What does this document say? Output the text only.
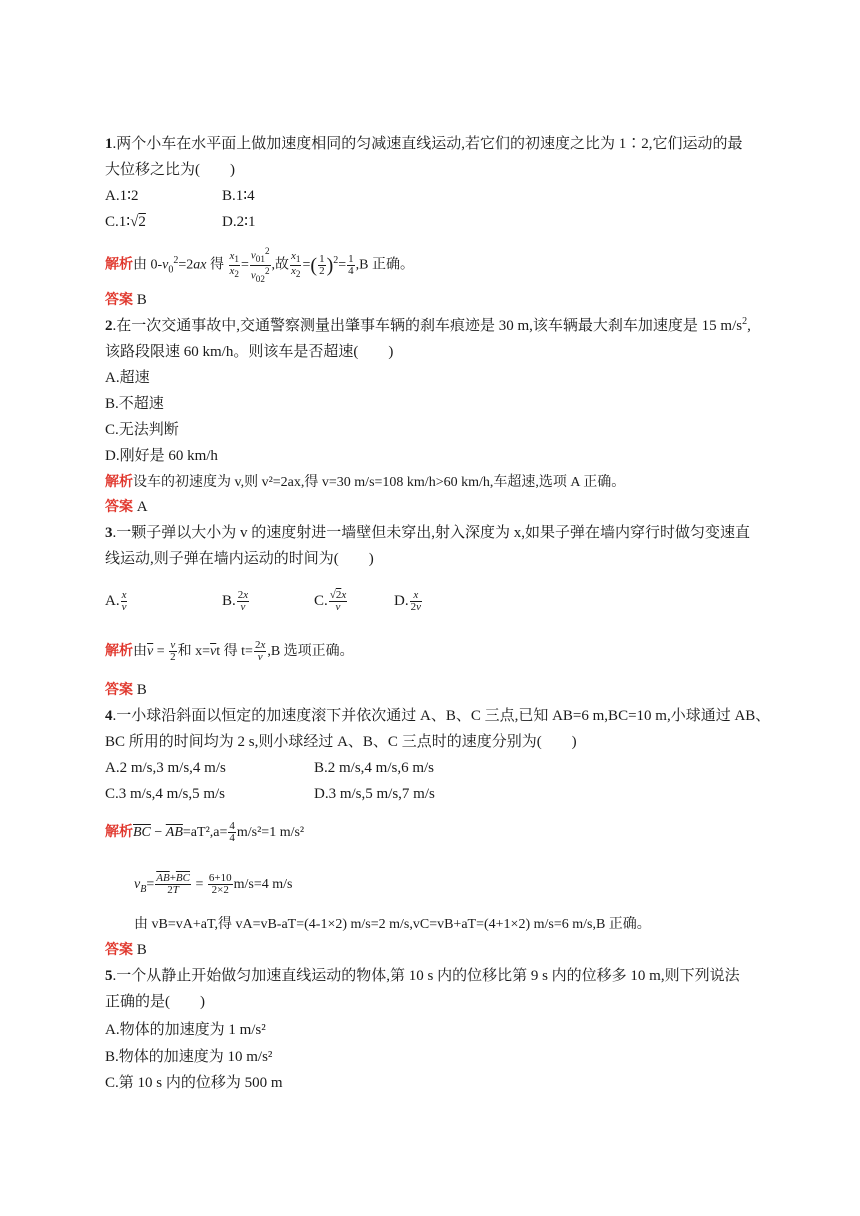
1.两个小车在水平面上做加速度相同的匀减速直线运动,若它们的初速度之比为 1∶2,它们运动的最
大位移之比为(　　)
A.1∶2	B.1∶4
C.1∶√2	D.2∶1
解析由 $0-v_0^2=2ax$ 得 $\frac{x_1}{x_2} = \frac{v_{01}^2}{v_{02}^2}$ ,故 $\frac{x_1}{x_2}$ =( $\frac{1}{2} )^2= \frac{1}{4} ,B$ 正确。
答案 B
2.在一次交通事故中,交通警察测量出肇事车辆的刹车痕迹是 30 m,该车辆最大刹车加速度是 15 $m/s^2$,
该路段限速 60 km/h。则该车是否超速(　　)
A.超速
B.不超速
C.无法判断
D.刚好是 60 km/h
解析设车的初速度为 v,则 v²=2ax,得 v=30 m/s=108 km/h>60 km/h,车超速,选项 A 正确。
答案 A
3.一颗子弹以大小为 v 的速度射进一墙壁但未穿出,射入深度为 x,如果子弹在墙内穿行时做匀变速直
线运动,则子弹在墙内运动的时间为(　　)
A. $\frac{x}{v}$	B. $\frac{2x}{v}$	C. $\frac{√2x}{v}$	D. $\frac{x}{2v}$
解析由$\overline{v} = \frac{v}{2}$ 和 $x=\overline{v}t$ 得 $t= \frac{2x}{v} ,B$ 选项正确。
答案 B
4.一小球沿斜面以恒定的加速度滚下并依次通过 A、B、C 三点,已知 AB=6 m,BC=10 m,小球通过 AB、
BC 所用的时间均为 2 s,则小球经过 A、B、C 三点时的速度分别为(　　)
A.2 m/s,3 m/s,4 m/s	B.2 m/s,4 m/s,6 m/s
C.3 m/s,4 m/s,5 m/s	D.3 m/s,5 m/s,7 m/s
解析$\overline{BC} - \overline{AB}=aT^2,a= \frac{4}{4} m/s^2=1$ m/s²
$v_B= \frac{\overline{AB}+\overline{BC}}{2T} = \frac{6+10}{2\times 2} m/s=4$ m/s
由 vB=vA+aT,得 vA=vB-aT=(4-1×2) m/s=2 m/s,vC=vB+aT=(4+1×2) m/s=6 m/s,B 正确。
答案 B
5.一个从静止开始做匀加速直线运动的物体,第 10 s 内的位移比第 9 s 内的位移多 10 m,则下列说法
正确的是(　　)
A.物体的加速度为 1 m/s²
B.物体的加速度为 10 m/s²
C.第 10 s 内的位移为 500 m
